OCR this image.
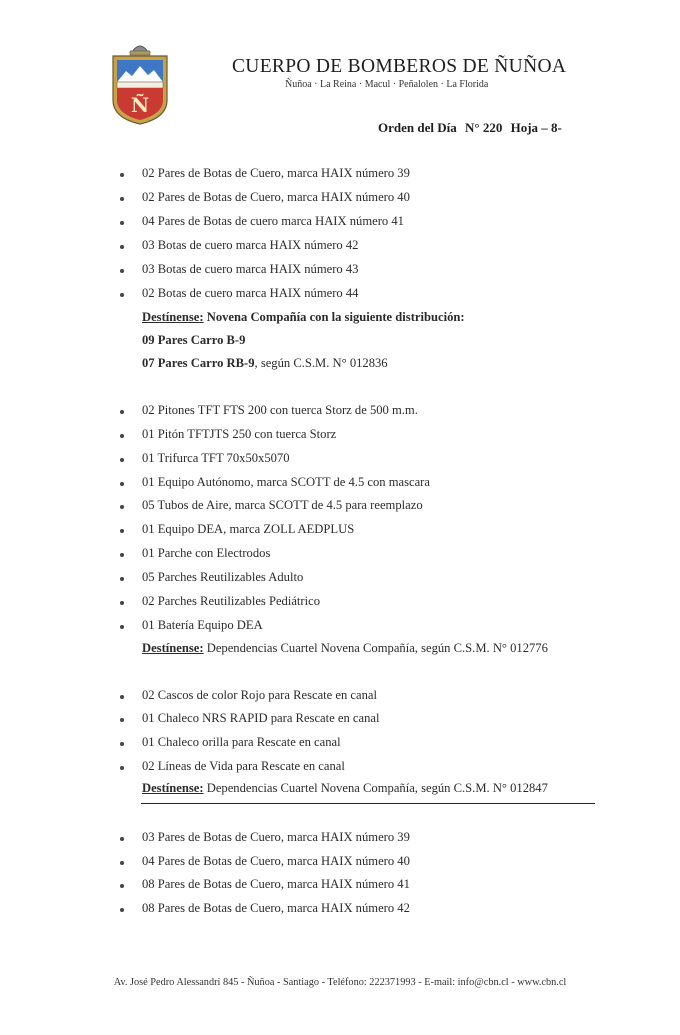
Ñ
CUERPO DE BOMBEROS DE ÑUÑOA
Ñuñoa · La Reina · Macul · Peñalolen · La Florida
Orden del Día N° 220 Hoja – 8-
02 Pares de Botas de Cuero, marca HAIX número 39
02 Pares de Botas de Cuero, marca HAIX número 40
04 Pares de Botas de cuero marca HAIX número 41
03 Botas de cuero marca HAIX número 42
03 Botas de cuero marca HAIX número 43
02 Botas de cuero marca HAIX número 44
Destínense: Novena Compañía con la siguiente distribución:
09 Pares Carro B-9
07 Pares Carro RB-9, según C.S.M. N° 012836
02 Pitones TFT FTS 200 con tuerca Storz de 500 m.m.
01 Pitón TFTJTS 250 con tuerca Storz
01 Trifurca TFT 70x50x5070
01 Equipo Autónomo, marca SCOTT de 4.5 con mascara
05 Tubos de Aire, marca SCOTT de 4.5 para reemplazo
01 Equipo DEA, marca ZOLL AEDPLUS
01 Parche con Electrodos
05 Parches Reutilizables Adulto
02 Parches Reutilizables Pediátrico
01 Batería Equipo DEA
Destínense: Dependencias Cuartel Novena Compañía, según C.S.M. N° 012776
02 Cascos de color Rojo para Rescate en canal
01 Chaleco NRS RAPID para Rescate en canal
01 Chaleco orilla para Rescate en canal
02 Líneas de Vida para Rescate en canal
Destínense: Dependencias Cuartel Novena Compañía, según C.S.M. N° 012847
03 Pares de Botas de Cuero, marca HAIX número 39
04 Pares de Botas de Cuero, marca HAIX número 40
08 Pares de Botas de Cuero, marca HAIX número 41
08 Pares de Botas de Cuero, marca HAIX número 42
Av. José Pedro Alessandri 845 - Ñuñoa - Santiago - Teléfono: 222371993 - E-mail: info@cbn.cl - www.cbn.cl
